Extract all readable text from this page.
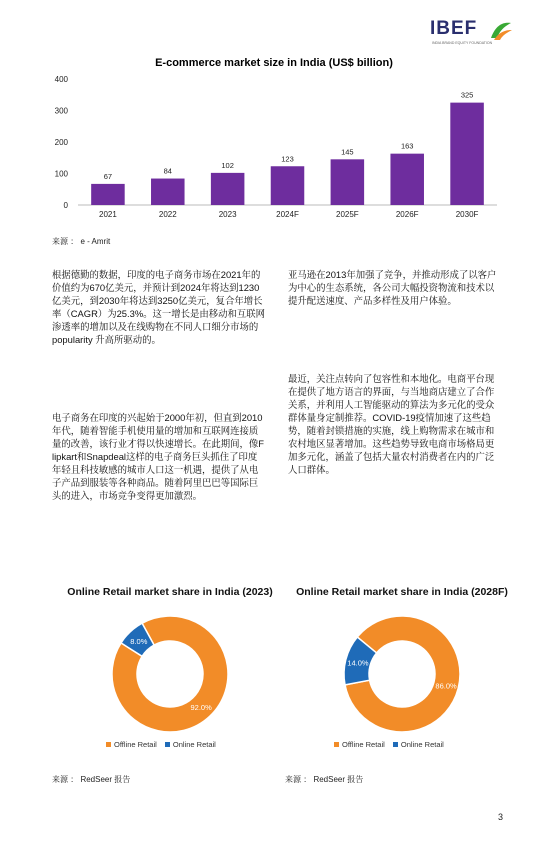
IBEF
INDIA BRAND EQUITY FOUNDATION
E-commerce market size in India (US$ billion)
0
100
200
300
400
67
2021
84
2022
102
2023
123
2024F
145
2025F
163
2026F
325
2030F
来源 ： e - Amrit

根据德勤的数据，印度的电子商务市场在2021年的价值约为670亿美元，并预计到2024年将达到1230亿美元，到2030年将达到3250亿美元，复合年增长率（CAGR）为25.3%。这一增长是由移动和互联网渗透率的增加以及在线购物在不同人口细分市场的 popularity 升高所驱动的。

电子商务在印度的兴起始于2000年初，但直到2010年代，随着智能手机使用量的增加和互联网连接质量的改善，该行业才得以快速增长。在此期间，像Flipkart和Snapdeal这样的电子商务巨头抓住了印度年轻且科技敏感的城市人口这一机遇，提供了从电子产品到服装等各种商品。随着阿里巴巴等国际巨头的进入，市场竞争变得更加激烈。

亚马逊在2013年加强了竞争，并推动形成了以客户为中心的生态系统，各公司大幅投资物流和技术以提升配送速度、产品多样性及用户体验。

最近，关注点转向了包容性和本地化。电商平台现在提供了地方语言的界面，与当地商店建立了合作关系，并利用人工智能驱动的算法为多元化的受众群体量身定制推荐。COVID-19疫情加速了这些趋势，随着封锁措施的实施，线上购物需求在城市和农村地区显著增加。这些趋势导致电商市场格局更加多元化，涵盖了包括大量农村消费者在内的广泛人口群体。

Online Retail market share in India (2023)
92.0%
8.0%
Offline Retail Online Retail
来源 ： RedSeer 报告
Online Retail market share in India (2028F)
86.0%
14.0%
Offline Retail Online Retail
来源 ： RedSeer 报告
3
